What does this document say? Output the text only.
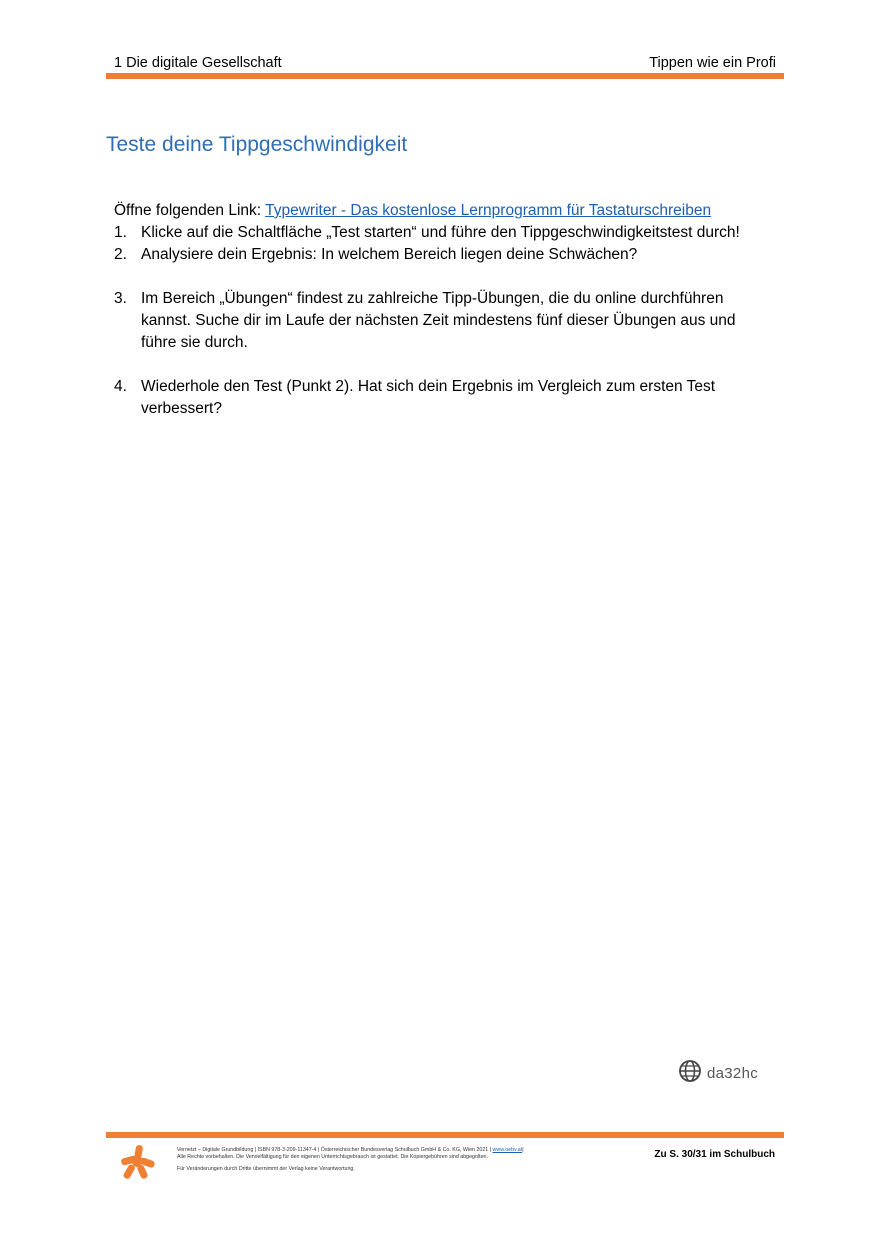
1 Die digitale Gesellschaft	Tippen wie ein Profi
Teste deine Tippgeschwindigkeit

Öffne folgenden Link: Typewriter - Das kostenlose Lernprogramm für Tastaturschreiben

1. Klicke auf die Schaltfläche „Test starten“ und führe den Tippgeschwindigkeitstest durch!
2. Analysiere dein Ergebnis: In welchem Bereich liegen deine Schwächen?
3. Im Bereich „Übungen“ findest zu zahlreiche Tipp-Übungen, die du online durchführen kannst. Suche dir im Laufe der nächsten Zeit mindestens fünf dieser Übungen aus und führe sie durch.
4. Wiederhole den Test (Punkt 2). Hat sich dein Ergebnis im Vergleich zum ersten Test verbessert?
da32hc
Vernetzt – Digitale Grundbildung | ISBN 978-3-209-11347-4 | Österreichischer Bundesverlag Schulbuch GmbH & Co. KG, Wien 2021 | www.oebv.at|
Alle Rechte vorbehalten. Die Vervielfältigung für den eigenen Unterrichtsgebrauch ist gestattet. Die Kopiergebühren sind abgegolten.
Für Veränderungen durch Dritte übernimmt der Verlag keine Verantwortung.
Zu S. 30/31 im Schulbuch
